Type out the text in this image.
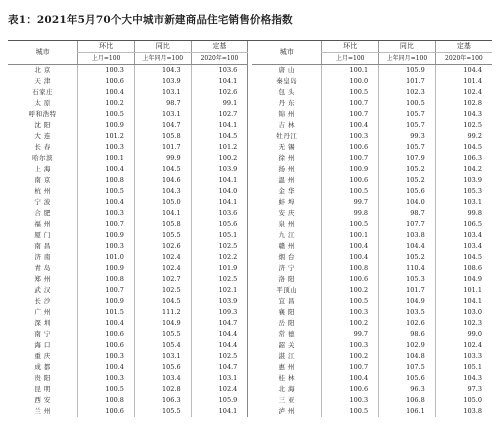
表1：2021年5月70个大中城市新建商品住宅销售价格指数
城市	环比	同比	定基		城市	环比	同比	定基
	上月=100	上年同月=100	2020年=100			上月=100	上年同月=100	2020年=100
北 京	100.3	104.3	103.6		唐 山	100.1	105.9	104.4
天 津	100.6	103.9	104.1		秦皇岛	100.0	101.7	101.4
石家庄	100.4	103.1	102.6		包 头	100.5	102.3	102.4
太 原	100.2	98.7	99.1		丹 东	100.7	100.5	102.8
呼和浩特	100.5	103.1	102.7		锦 州	100.7	105.7	104.3
沈 阳	100.9	104.7	104.1		吉 林	100.4	105.7	102.5
大 连	101.2	105.8	104.5		牡丹江	100.3	99.3	99.2
长 春	100.3	101.7	101.2		无 锡	100.6	105.7	104.5
哈尔滨	100.1	99.9	100.2		徐 州	100.7	107.9	106.3
上 海	100.4	104.5	103.9		扬 州	100.9	105.2	104.2
南 京	100.8	104.6	104.1		温 州	100.6	105.2	103.9
杭 州	100.5	104.3	104.0		金 华	100.5	105.6	105.3
宁 波	100.4	105.0	104.1		蚌 埠	99.7	104.0	103.1
合 肥	100.3	104.1	103.6		安 庆	99.8	98.7	99.8
福 州	100.7	105.8	105.6		泉 州	100.5	107.7	106.5
厦 门	100.9	105.5	105.1		九 江	100.1	103.8	103.4
南 昌	100.3	102.6	102.5		赣 州	100.4	104.4	103.4
济 南	101.0	102.4	102.2		烟 台	100.4	105.2	104.5
青 岛	100.9	102.4	101.9		济 宁	100.8	110.4	108.6
郑 州	100.8	102.7	102.5		洛 阳	100.6	105.3	104.9
武 汉	100.7	102.5	102.1		平顶山	100.2	101.7	101.1
长 沙	100.9	104.5	103.9		宜 昌	100.5	104.9	104.1
广 州	101.5	111.2	109.3		襄 阳	100.3	103.5	103.0
深 圳	100.4	104.9	104.7		岳 阳	100.2	102.6	102.3
南 宁	100.6	105.5	104.4		常 德	99.7	98.6	99.0
海 口	100.6	105.4	104.4		韶 关	100.3	102.9	102.4
重 庆	100.3	103.1	102.5		湛 江	100.2	104.8	103.3
成 都	100.4	105.6	104.7		惠 州	100.7	107.5	105.1
贵 阳	100.3	103.4	103.1		桂 林	100.4	105.6	104.3
昆 明	100.5	102.8	102.4		北 海	100.6	96.3	97.3
西 安	100.8	106.3	105.9		三 亚	100.3	106.8	105.0
兰 州	100.6	105.5	104.1		泸 州	100.5	106.1	103.8
